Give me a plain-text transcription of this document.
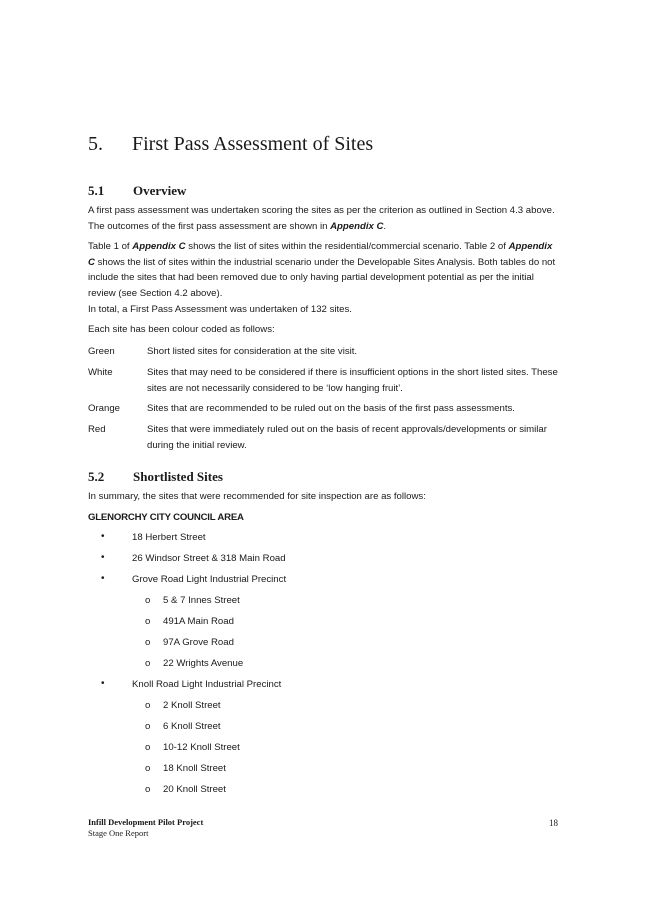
5. First Pass Assessment of Sites
5.1 Overview
A first pass assessment was undertaken scoring the sites as per the criterion as outlined in Section 4.3 above. The outcomes of the first pass assessment are shown in Appendix C.
Table 1 of Appendix C shows the list of sites within the residential/commercial scenario. Table 2 of Appendix C shows the list of sites within the industrial scenario under the Developable Sites Analysis. Both tables do not include the sites that had been removed due to only having partial development potential as per the initial review (see Section 4.2 above).
In total, a First Pass Assessment was undertaken of 132 sites.
Each site has been colour coded as follows:
Green	Short listed sites for consideration at the site visit.
White	Sites that may need to be considered if there is insufficient options in the short listed sites. These sites are not necessarily considered to be ‘low hanging fruit’.
Orange	Sites that are recommended to be ruled out on the basis of the first pass assessments.
Red	Sites that were immediately ruled out on the basis of recent approvals/developments or similar during the initial review.
5.2 Shortlisted Sites
In summary, the sites that were recommended for site inspection are as follows:
GLENORCHY CITY COUNCIL AREA
•	18 Herbert Street
•	26 Windsor Street & 318 Main Road
•	Grove Road Light Industrial Precinct
o 5 & 7 Innes Street
o 491A Main Road
o 97A Grove Road
o 22 Wrights Avenue
•	Knoll Road Light Industrial Precinct
o 2 Knoll Street
o 6 Knoll Street
o 10-12 Knoll Street
o 18 Knoll Street
o 20 Knoll Street
Infill Development Pilot Project
Stage One Report
18
